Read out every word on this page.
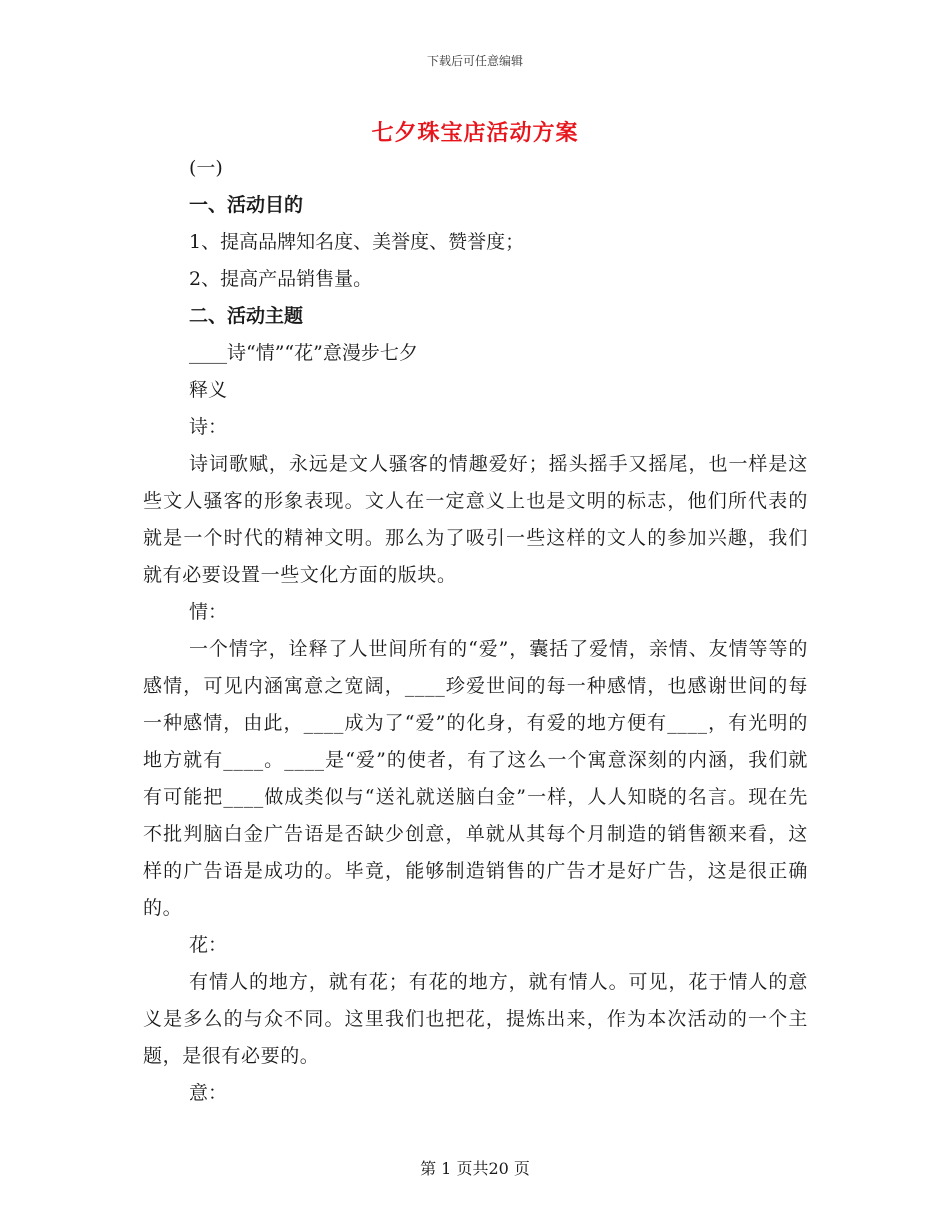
下载后可任意编辑
七夕珠宝店活动方案
(一)
一、活动目的
1、提高品牌知名度、美誉度、赞誉度；
2、提高产品销售量。
二、活动主题
____诗“情”“花”意漫步七夕
释义
诗：
诗词歌赋，永远是文人骚客的情趣爱好；摇头摇手又摇尾，也一样是这些文人骚客的形象表现。文人在一定意义上也是文明的标志，他们所代表的就是一个时代的精神文明。那么为了吸引一些这样的文人的参加兴趣，我们就有必要设置一些文化方面的版块。
情：
一个情字，诠释了人世间所有的“爱”，囊括了爱情，亲情、友情等等的感情，可见内涵寓意之宽阔，____珍爱世间的每一种感情，也感谢世间的每一种感情，由此，____成为了“爱”的化身，有爱的地方便有____，有光明的地方就有____。____是“爱”的使者，有了这么一个寓意深刻的内涵，我们就有可能把____做成类似与“送礼就送脑白金”一样，人人知晓的名言。现在先不批判脑白金广告语是否缺少创意，单就从其每个月制造的销售额来看，这样的广告语是成功的。毕竟，能够制造销售的广告才是好广告，这是很正确的。
花：
有情人的地方，就有花；有花的地方，就有情人。可见，花于情人的意义是多么的与众不同。这里我们也把花，提炼出来，作为本次活动的一个主题，是很有必要的。
意：
第 1 页共20 页
